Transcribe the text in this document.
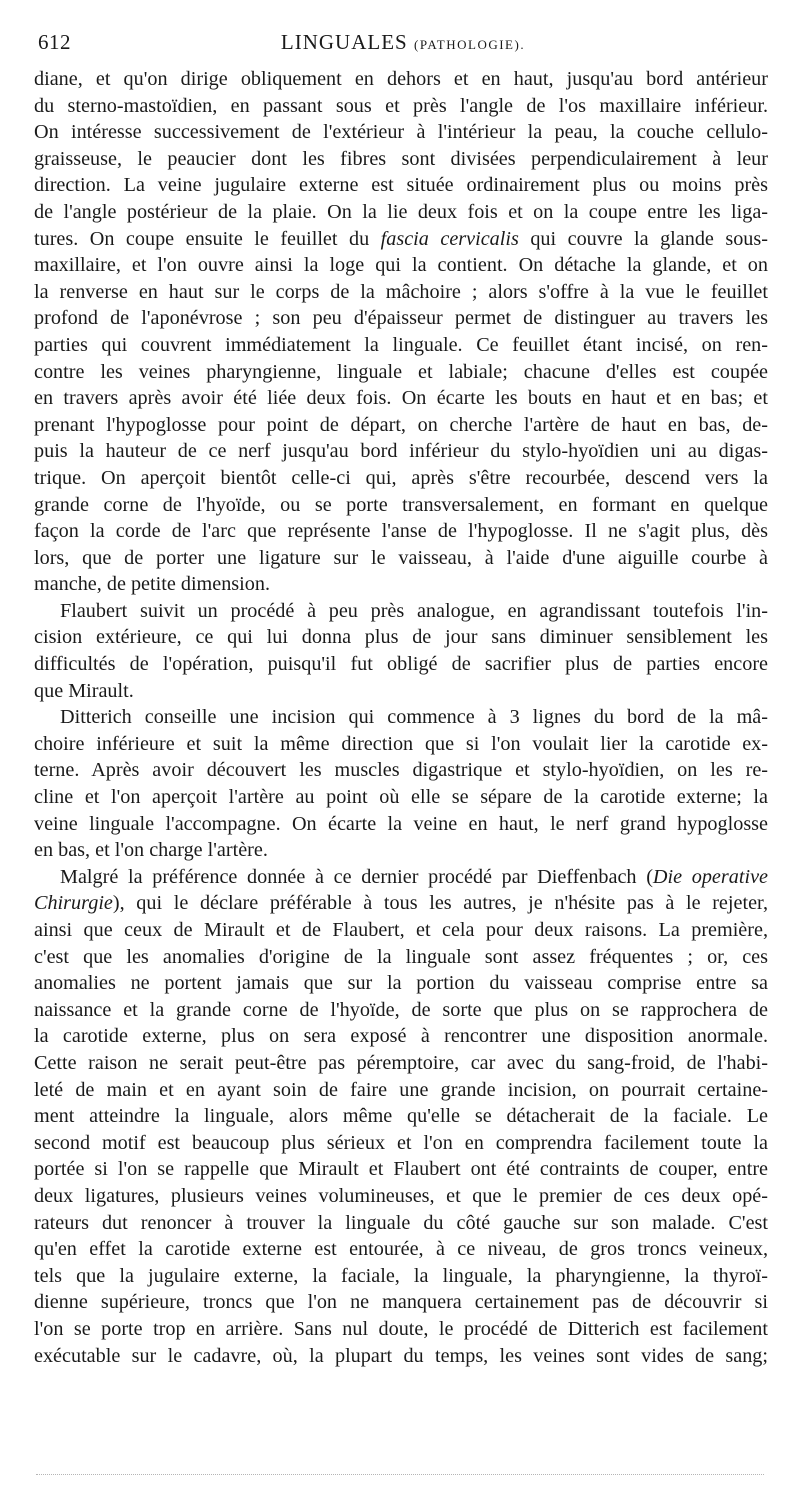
612	LINGUALES (PATHOLOGIE).
diane, et qu'on dirige obliquement en dehors et en haut, jusqu'au bord antérieur
du sterno-mastoïdien, en passant sous et près l'angle de l'os maxillaire inférieur.
On intéresse successivement de l'extérieur à l'intérieur la peau, la couche cellulo-
graisseuse, le peaucier dont les fibres sont divisées perpendiculairement à leur
direction. La veine jugulaire externe est située ordinairement plus ou moins près
de l'angle postérieur de la plaie. On la lie deux fois et on la coupe entre les liga-
tures. On coupe ensuite le feuillet du fascia cervicalis qui couvre la glande sous-
maxillaire, et l'on ouvre ainsi la loge qui la contient. On détache la glande, et on
la renverse en haut sur le corps de la mâchoire ; alors s'offre à la vue le feuillet
profond de l'aponévrose ; son peu d'épaisseur permet de distinguer au travers les
parties qui couvrent immédiatement la linguale. Ce feuillet étant incisé, on ren-
contre les veines pharyngienne, linguale et labiale; chacune d'elles est coupée
en travers après avoir été liée deux fois. On écarte les bouts en haut et en bas; et
prenant l'hypoglosse pour point de départ, on cherche l'artère de haut en bas, de-
puis la hauteur de ce nerf jusqu'au bord inférieur du stylo-hyoïdien uni au digas-
trique. On aperçoit bientôt celle-ci qui, après s'être recourbée, descend vers la
grande corne de l'hyoïde, ou se porte transversalement, en formant en quelque
façon la corde de l'arc que représente l'anse de l'hypoglosse. Il ne s'agit plus, dès
lors, que de porter une ligature sur le vaisseau, à l'aide d'une aiguille courbe à
manche, de petite dimension.
Flaubert suivit un procédé à peu près analogue, en agrandissant toutefois l'in-
cision extérieure, ce qui lui donna plus de jour sans diminuer sensiblement les
difficultés de l'opération, puisqu'il fut obligé de sacrifier plus de parties encore
que Mirault.
Ditterich conseille une incision qui commence à 3 lignes du bord de la mâ-
choire inférieure et suit la même direction que si l'on voulait lier la carotide ex-
terne. Après avoir découvert les muscles digastrique et stylo-hyoïdien, on les re-
cline et l'on aperçoit l'artère au point où elle se sépare de la carotide externe; la
veine linguale l'accompagne. On écarte la veine en haut, le nerf grand hypoglosse
en bas, et l'on charge l'artère.
Malgré la préférence donnée à ce dernier procédé par Dieffenbach (Die operative
Chirurgie), qui le déclare préférable à tous les autres, je n'hésite pas à le rejeter,
ainsi que ceux de Mirault et de Flaubert, et cela pour deux raisons. La première,
c'est que les anomalies d'origine de la linguale sont assez fréquentes ; or, ces
anomalies ne portent jamais que sur la portion du vaisseau comprise entre sa
naissance et la grande corne de l'hyoïde, de sorte que plus on se rapprochera de
la carotide externe, plus on sera exposé à rencontrer une disposition anormale.
Cette raison ne serait peut-être pas péremptoire, car avec du sang-froid, de l'habi-
leté de main et en ayant soin de faire une grande incision, on pourrait certaine-
ment atteindre la linguale, alors même qu'elle se détacherait de la faciale. Le
second motif est beaucoup plus sérieux et l'on en comprendra facilement toute la
portée si l'on se rappelle que Mirault et Flaubert ont été contraints de couper, entre
deux ligatures, plusieurs veines volumineuses, et que le premier de ces deux opé-
rateurs dut renoncer à trouver la linguale du côté gauche sur son malade. C'est
qu'en effet la carotide externe est entourée, à ce niveau, de gros troncs veineux,
tels que la jugulaire externe, la faciale, la linguale, la pharyngienne, la thyroï-
dienne supérieure, troncs que l'on ne manquera certainement pas de découvrir si
l'on se porte trop en arrière. Sans nul doute, le procédé de Ditterich est facilement
exécutable sur le cadavre, où, la plupart du temps, les veines sont vides de sang;
